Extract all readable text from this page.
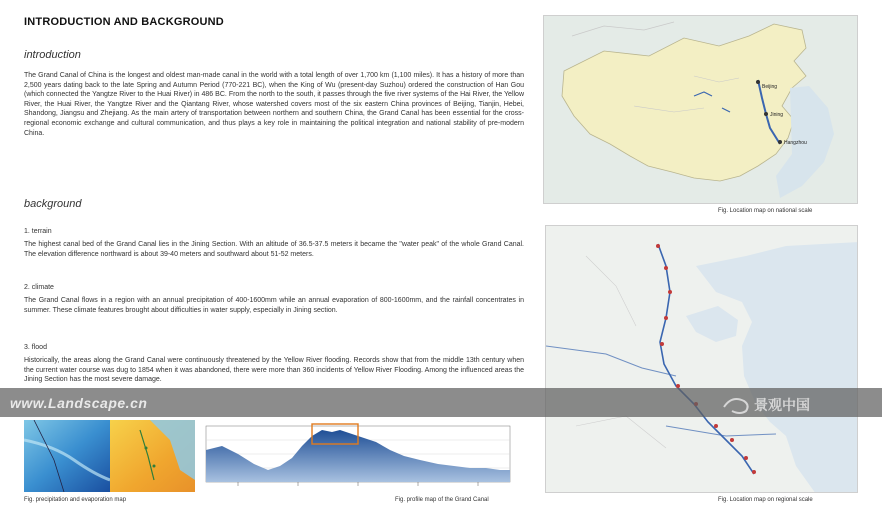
INTRODUCTION AND BACKGROUND
introduction
The Grand Canal of China is the longest and oldest man-made canal in the world with a total length of over 1,700 km (1,100 miles). It has a history of more than 2,500 years dating back to the late Spring and Autumn Period (770-221 BC), when the King of Wu (present-day Suzhou) ordered the construction of Han Gou (which connected the Yangtze River to the Huai River) in 486 BC. From the north to the south, it passes through the five river systems of the Hai River, the Yellow River, the Huai River, the Yangtze River and the Qiantang River, whose watershed covers most of the six eastern China provinces of Beijing, Tianjin, Hebei, Shandong, Jiangsu and Zhejiang. As the main artery of transportation between northern and southern China, the Grand Canal has been essential for the cross-regional economic exchange and cultural communication, and thus plays a key role in maintaining the political integration and national stability of pre-modern China.
background
1. terrain
The highest canal bed of the Grand Canal lies in the Jining Section. With an altitude of 36.5-37.5 meters it became the "water peak" of the whole Grand Canal. The elevation difference northward is about 39-40 meters and southward about 51-52 meters.
2. climate
The Grand Canal flows in a region with an annual precipitation of 400-1600mm while an annual evaporation of 800-1600mm, and the rainfall concentrates in summer. These climate features brought about difficulties in water supply, especially in Jining section.
3. flood
Historically, the areas along the Grand Canal were continuously threatened by the Yellow River flooding. Records show that from the middle 13th century when the current water course was dug to 1854 when it was abandoned, there were more than 360 incidents of Yellow River Flooding. Among the influenced areas the Jining Section has the most severe damage.
Beijing
Jining
Hangzhou
Fig. Location map on national scale
Fig. Location map on regional scale
Fig. precipitation and evaporation map	Fig. profile map of the Grand Canal
www.Landscape.cn	景观中国
